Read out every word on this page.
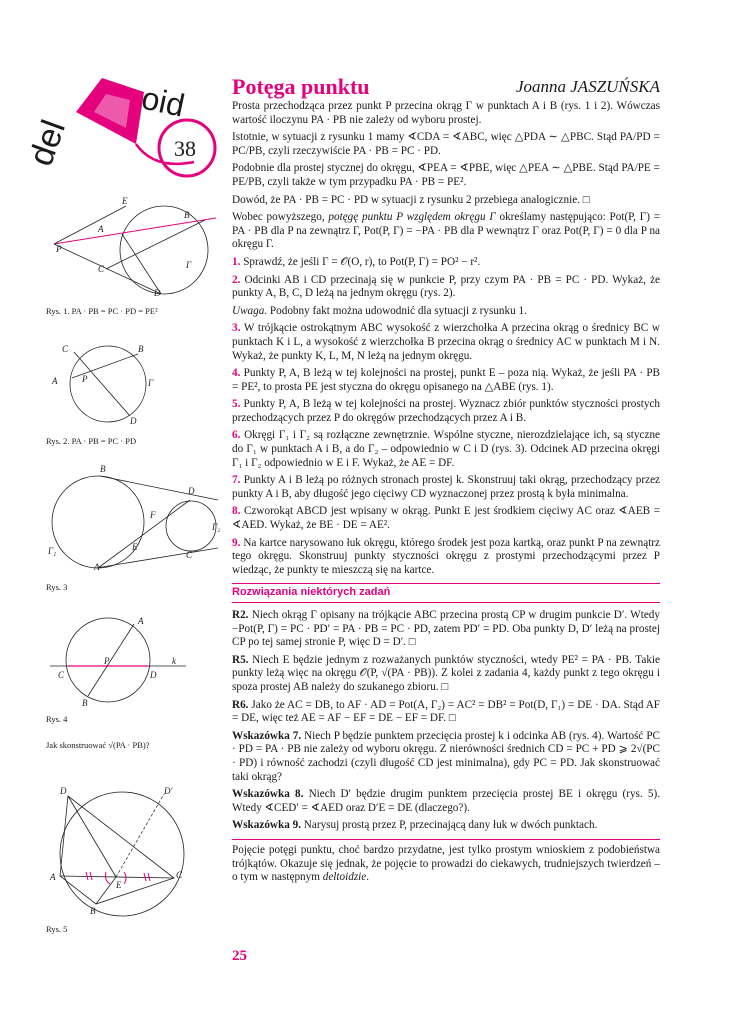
del
oid
38
Potęga punktu	Joanna JASZUŃSKA
E
B
A
P
C
D
Γ
Rys. 1. PA · PB = PC · PD = PE²
C	B
A	P	Γ
D
Rys. 2. PA · PB = PC · PD
B
D
F
Γ₂
E
Γ₁
A
C
Rys. 3
A
P	k
C	D
B
Rys. 4
Jak skonstruować √(PA · PB)?
D	D′
A
E
C
B
Rys. 5

Prosta przechodząca przez punkt P przecina okrąg Γ w punktach A i B (rys. 1 i 2). Wówczas wartość iloczynu PA · PB nie zależy od wyboru prostej.

Istotnie, w sytuacji z rysunku 1 mamy ∢CDA = ∢ABC, więc △PDA ∼ △PBC. Stąd PA/PD = PC/PB, czyli rzeczywiście PA · PB = PC · PD.

Podobnie dla prostej stycznej do okręgu, ∢PEA = ∢PBE, więc △PEA ∼ △PBE. Stąd PA/PE = PE/PB, czyli także w tym przypadku PA · PB = PE².

Dowód, że PA · PB = PC · PD w sytuacji z rysunku 2 przebiega analogicznie. □

Wobec powyższego, potęgę punktu P względem okręgu Γ określamy następująco: Pot(P, Γ) = PA · PB dla P na zewnątrz Γ, Pot(P, Γ) = −PA · PB dla P wewnątrz Γ oraz Pot(P, Γ) = 0 dla P na okręgu Γ.

1. Sprawdź, że jeśli Γ = 𝒪(O, r), to Pot(P, Γ) = PO² − r².

2. Odcinki AB i CD przecinają się w punkcie P, przy czym PA · PB = PC · PD. Wykaż, że punkty A, B, C, D leżą na jednym okręgu (rys. 2).

Uwaga. Podobny fakt można udowodnić dla sytuacji z rysunku 1.

3. W trójkącie ostrokątnym ABC wysokość z wierzchołka A przecina okrąg o średnicy BC w punktach K i L, a wysokość z wierzchołka B przecina okrąg o średnicy AC w punktach M i N. Wykaż, że punkty K, L, M, N leżą na jednym okręgu.

4. Punkty P, A, B leżą w tej kolejności na prostej, punkt E – poza nią. Wykaż, że jeśli PA · PB = PE², to prosta PE jest styczna do okręgu opisanego na △ABE (rys. 1).

5. Punkty P, A, B leżą w tej kolejności na prostej. Wyznacz zbiór punktów styczności prostych przechodzących przez P do okręgów przechodzących przez A i B.

6. Okręgi Γ₁ i Γ₂ są rozłączne zewnętrznie. Wspólne styczne, nierozdzielające ich, są styczne do Γ₁ w punktach A i B, a do Γ₂ – odpowiednio w C i D (rys. 3). Odcinek AD przecina okręgi Γ₁ i Γ₂ odpowiednio w E i F. Wykaż, że AE = DF.

7. Punkty A i B leżą po różnych stronach prostej k. Skonstruuj taki okrąg, przechodzący przez punkty A i B, aby długość jego cięciwy CD wyznaczonej przez prostą k była minimalna.

8. Czworokąt ABCD jest wpisany w okrąg. Punkt E jest środkiem cięciwy AC oraz ∢AEB = ∢AED. Wykaż, że BE · DE = AE².

9. Na kartce narysowano łuk okręgu, którego środek jest poza kartką, oraz punkt P na zewnątrz tego okręgu. Skonstruuj punkty styczności okręgu z prostymi przechodzącymi przez P wiedząc, że punkty te mieszczą się na kartce.

Rozwiązania niektórych zadań

R2. Niech okrąg Γ opisany na trójkącie ABC przecina prostą CP w drugim punkcie D′. Wtedy −Pot(P, Γ) = PC · PD′ = PA · PB = PC · PD, zatem PD′ = PD. Oba punkty D, D′ leżą na prostej CP po tej samej stronie P, więc D = D′. □

R5. Niech E będzie jednym z rozważanych punktów styczności, wtedy PE² = PA · PB. Takie punkty leżą więc na okręgu 𝒪(P, √(PA · PB)). Z kolei z zadania 4, każdy punkt z tego okręgu i spoza prostej AB należy do szukanego zbioru. □

R6. Jako że AC = DB, to AF · AD = Pot(A, Γ₂) = AC² = DB² = Pot(D, Γ₁) = DE · DA. Stąd AF = DE, więc też AE = AF − EF = DE − EF = DF. □

Wskazówka 7. Niech P będzie punktem przecięcia prostej k i odcinka AB (rys. 4). Wartość PC · PD = PA · PB nie zależy od wyboru okręgu. Z nierówności średnich CD = PC + PD ⩾ 2√(PC · PD) i równość zachodzi (czyli długość CD jest minimalna), gdy PC = PD. Jak skonstruować taki okrąg?

Wskazówka 8. Niech D′ będzie drugim punktem przecięcia prostej BE i okręgu (rys. 5). Wtedy ∢CED′ = ∢AED oraz D′E = DE (dlaczego?).

Wskazówka 9. Narysuj prostą przez P, przecinającą dany łuk w dwóch punktach.

Pojęcie potęgi punktu, choć bardzo przydatne, jest tylko prostym wnioskiem z podobieństwa trójkątów. Okazuje się jednak, że pojęcie to prowadzi do ciekawych, trudniejszych twierdzeń – o tym w następnym deltoidzie.

25
